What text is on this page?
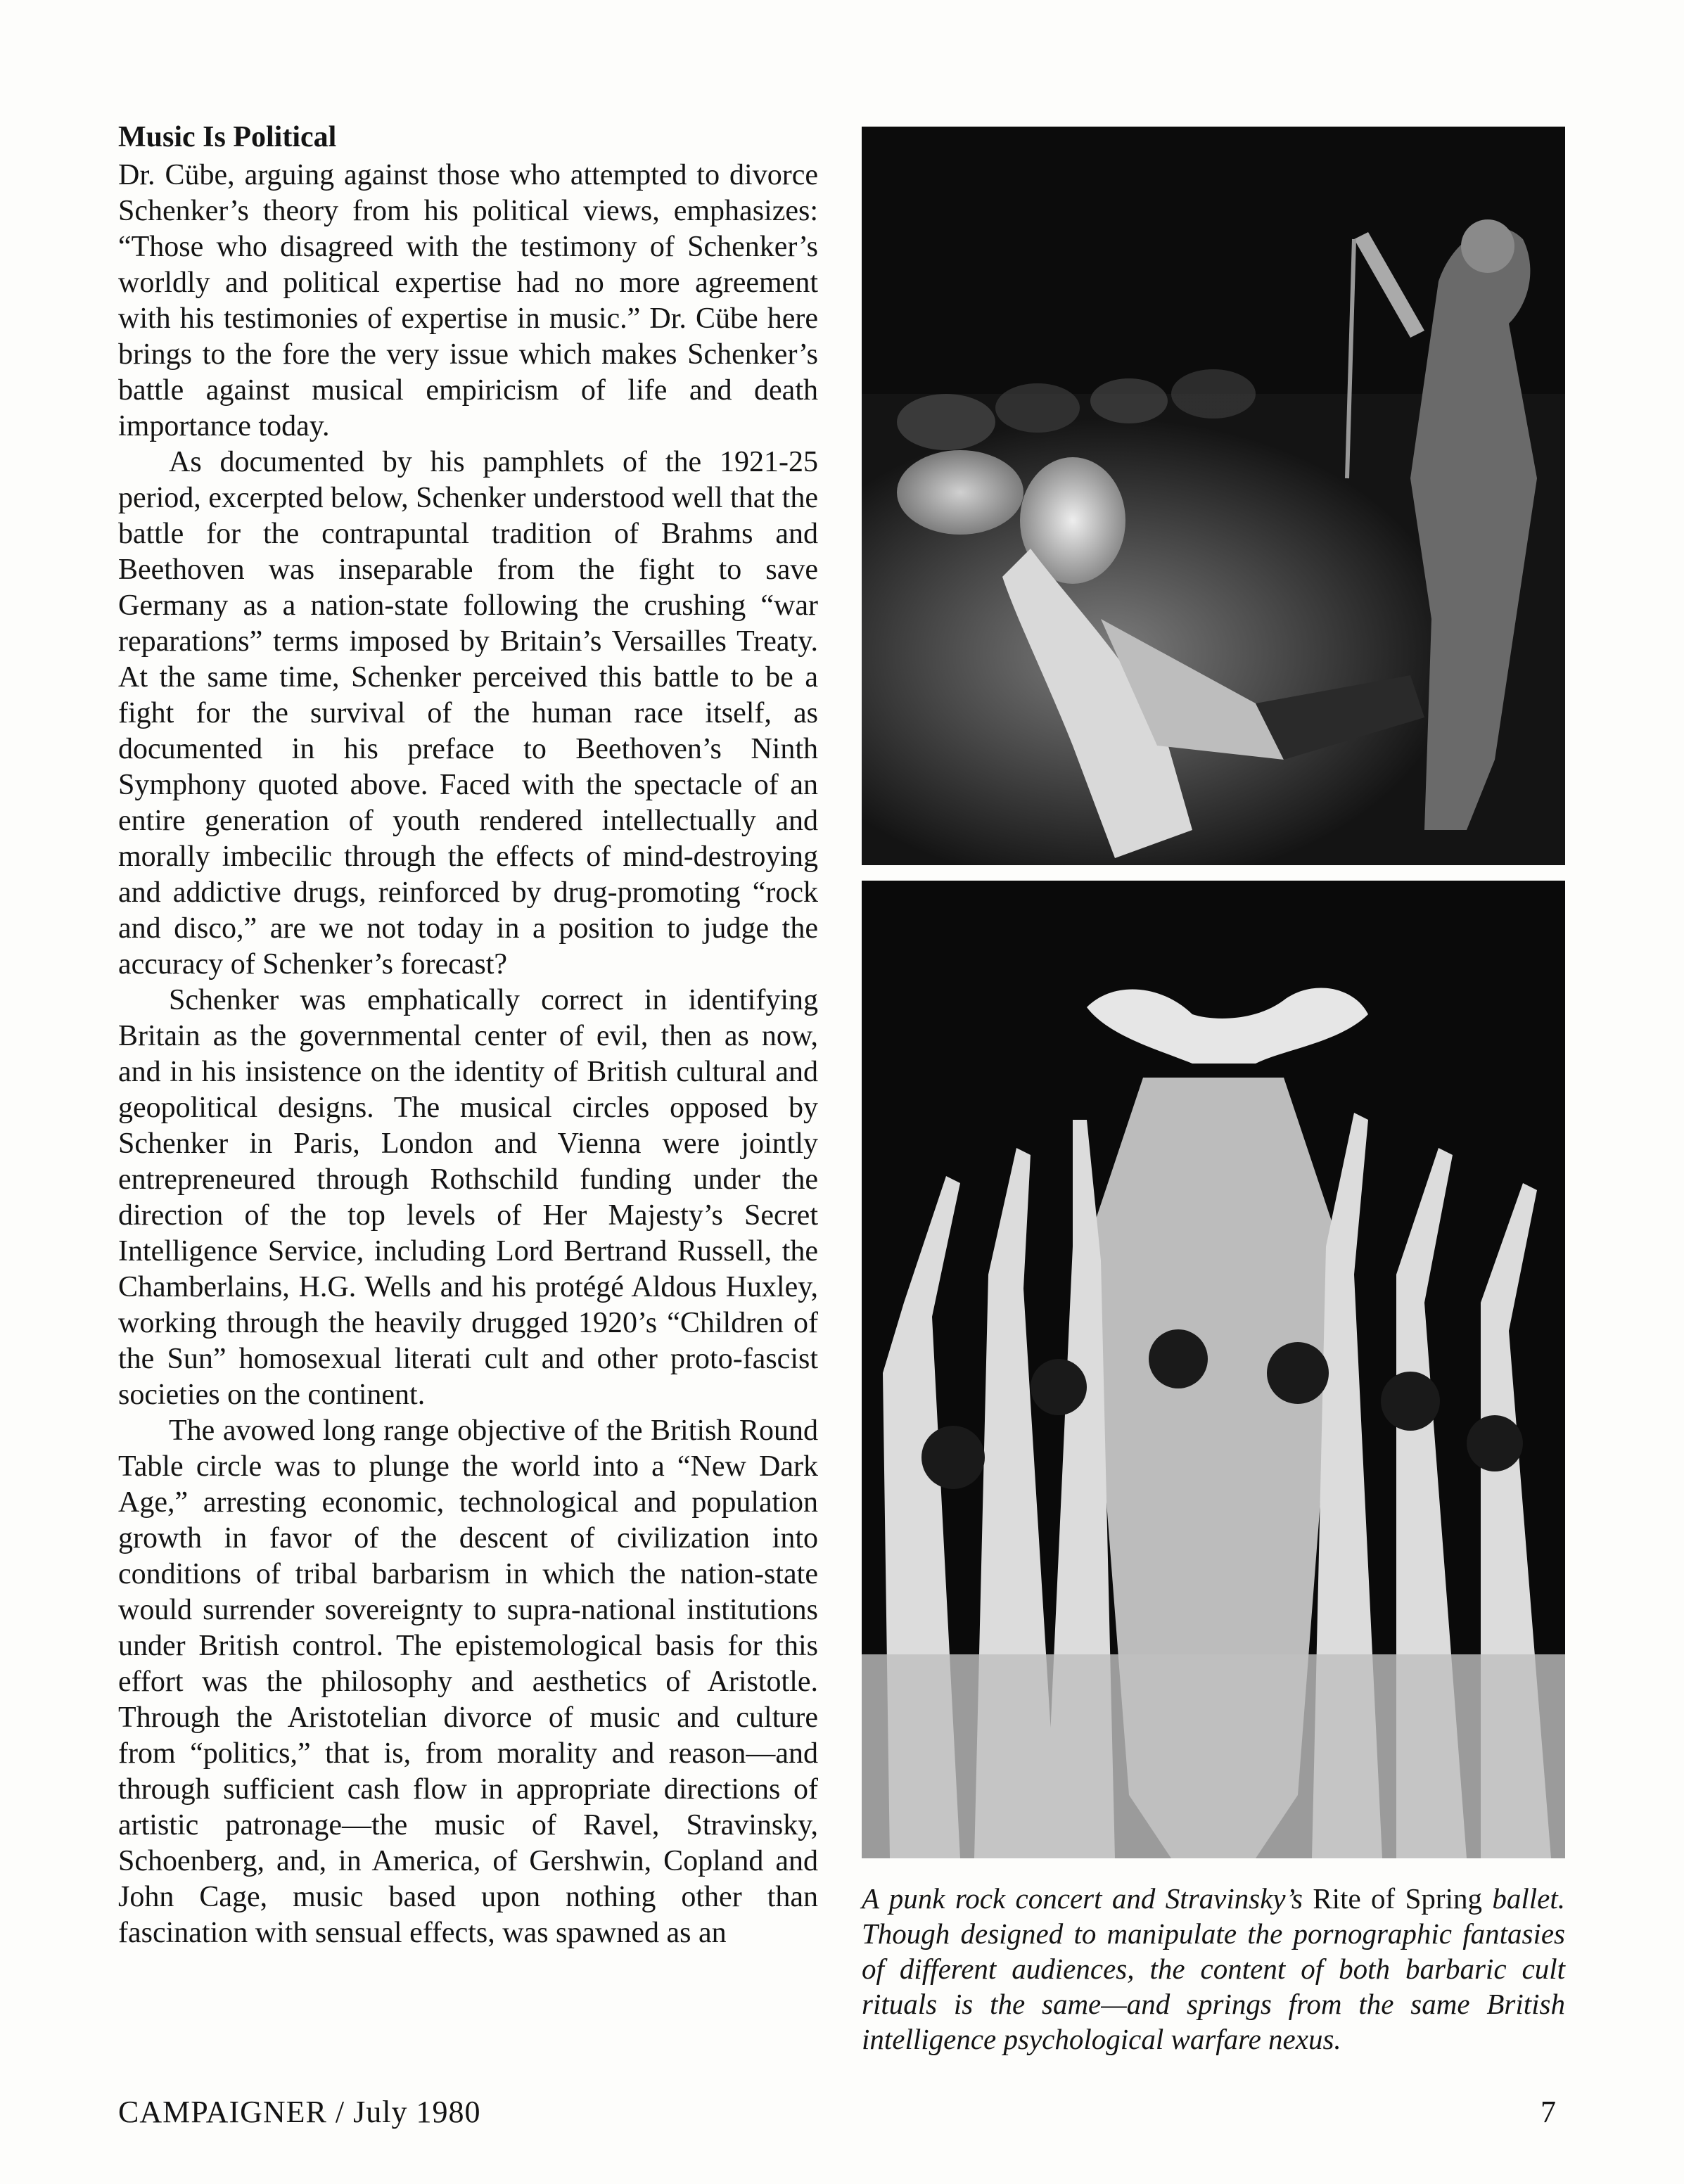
Music Is Political

Dr. Cübe, arguing against those who attempted to divorce Schenker’s theory from his political views, emphasizes: “Those who disagreed with the testimony of Schenker’s worldly and political expertise had no more agreement with his testimonies of expertise in music.” Dr. Cübe here brings to the fore the very issue which makes Schenker’s battle against musical empiricism of life and death importance today.

As documented by his pamphlets of the 1921-25 period, excerpted below, Schenker understood well that the battle for the contrapuntal tradition of Brahms and Beethoven was inseparable from the fight to save Germany as a nation-state following the crushing “war reparations” terms imposed by Britain’s Versailles Treaty. At the same time, Schenker perceived this battle to be a fight for the survival of the human race itself, as documented in his preface to Beethoven’s Ninth Symphony quoted above. Faced with the spectacle of an entire generation of youth rendered intellectually and morally imbecilic through the effects of mind-destroying and addictive drugs, reinforced by drug-promoting “rock and disco,” are we not today in a position to judge the accuracy of Schenker’s forecast?

Schenker was emphatically correct in identifying Britain as the governmental center of evil, then as now, and in his insistence on the identity of British cultural and geopolitical designs. The musical circles opposed by Schenker in Paris, London and Vienna were jointly entrepreneured through Rothschild funding under the direction of the top levels of Her Majesty’s Secret Intelligence Service, including Lord Bertrand Russell, the Chamberlains, H.G. Wells and his protégé Aldous Huxley, working through the heavily drugged 1920’s “Children of the Sun” homosexual literati cult and other proto-fascist societies on the continent.

The avowed long range objective of the British Round Table circle was to plunge the world into a “New Dark Age,” arresting economic, technological and population growth in favor of the descent of civilization into conditions of tribal barbarism in which the nation-state would surrender sovereignty to supra-national institutions under British control. The epistemological basis for this effort was the philosophy and aesthetics of Aristotle. Through the Aristotelian divorce of music and culture from “politics,” that is, from morality and reason—and through sufficient cash flow in appropriate directions of artistic patronage—the music of Ravel, Stravinsky, Schoenberg, and, in America, of Gershwin, Copland and John Cage, music based upon nothing other than fascination with sensual effects, was spawned as an

A punk rock concert and Stravinsky’s Rite of Spring ballet. Though designed to manipulate the pornographic fantasies of different audiences, the content of both barbaric cult rituals is the same—and springs from the same British intelligence psychological warfare nexus.
CAMPAIGNER / July 1980	7
